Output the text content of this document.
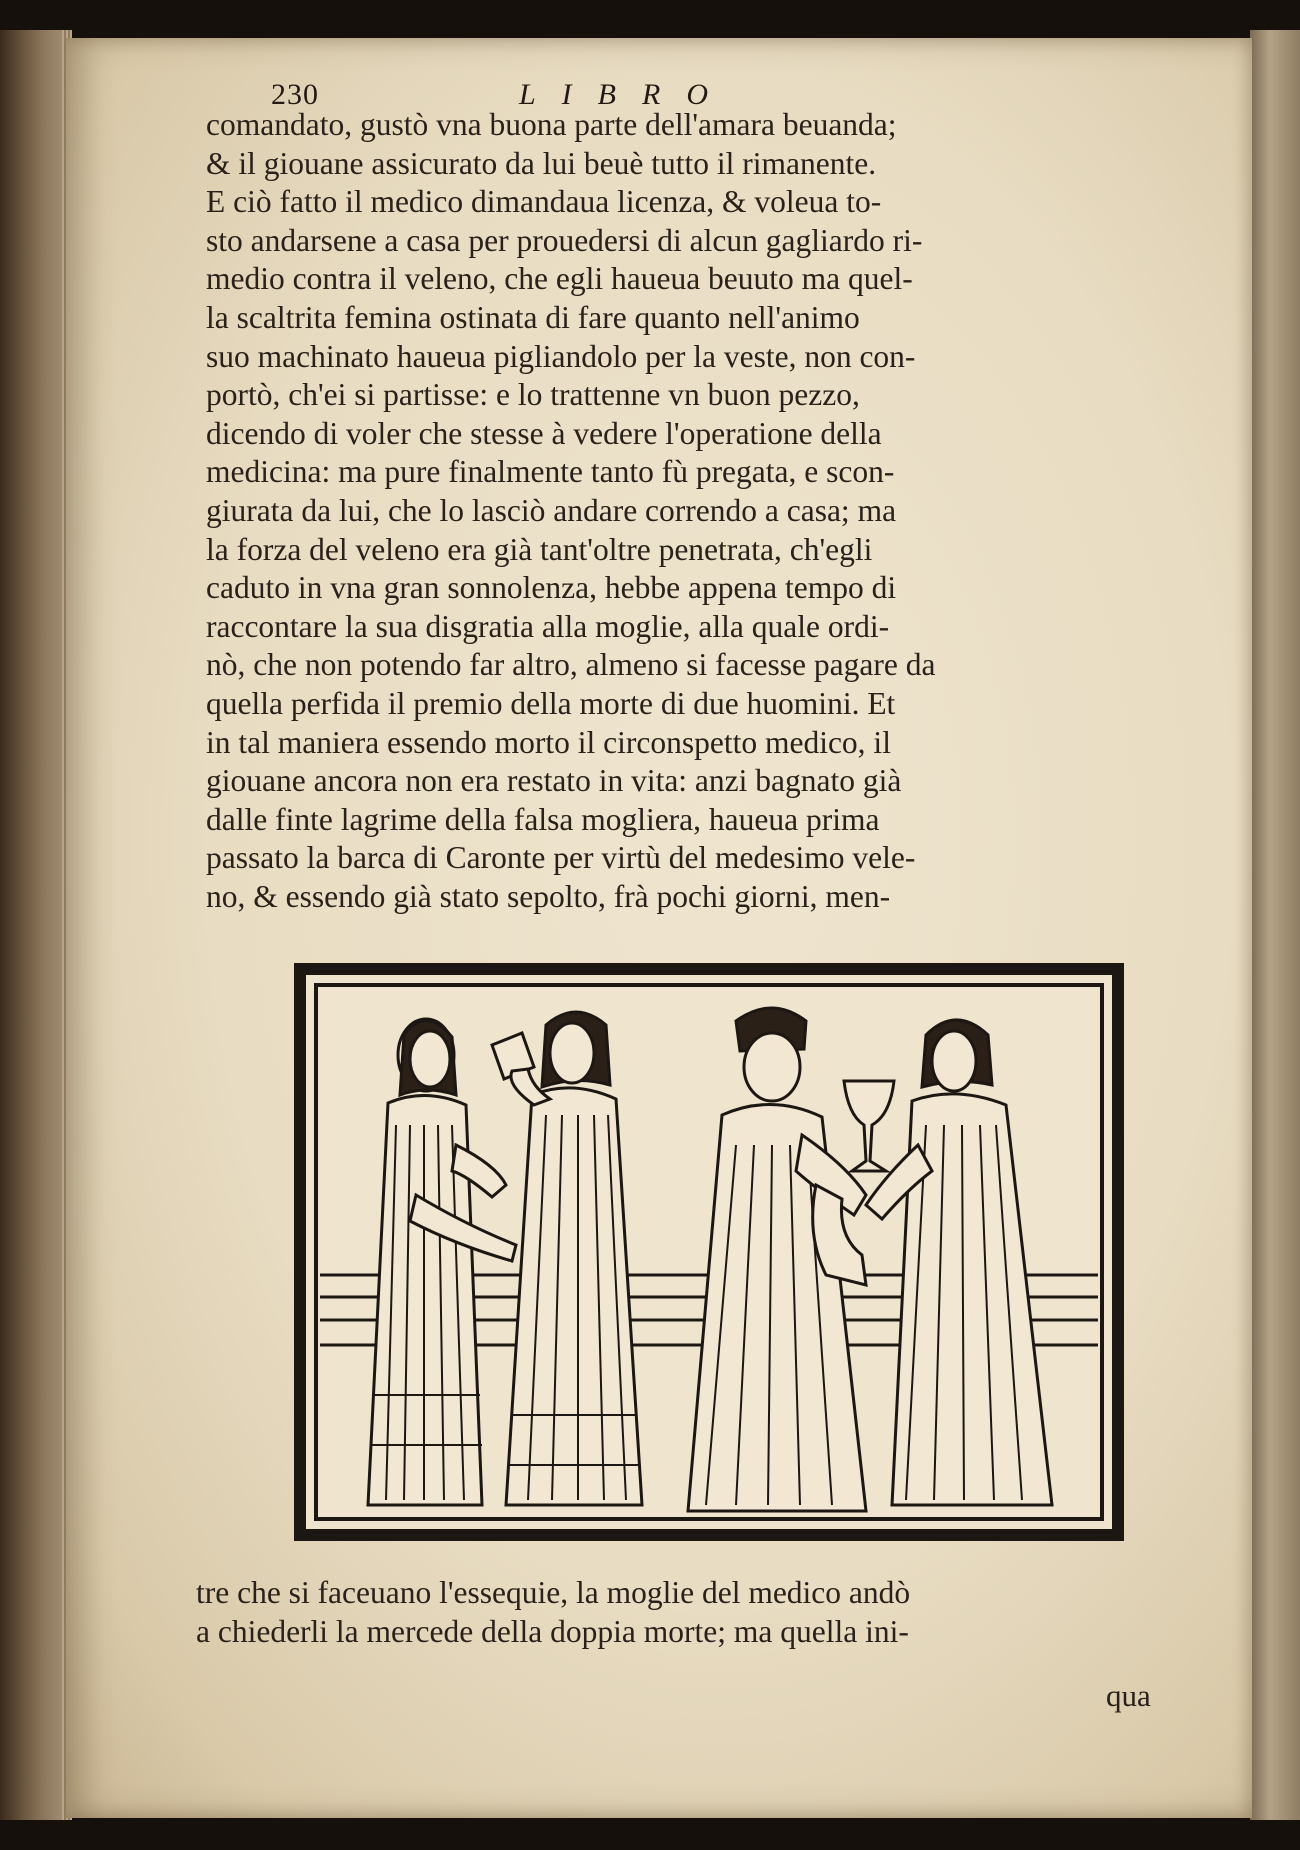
230	LIBRO
comandato, gustò vna buona parte dell'amara beuanda;
& il giouane assicurato da lui beuè tutto il rimanente.
E ciò fatto il medico dimandaua licenza, & voleua to-
sto andarsene a casa per prouedersi di alcun gagliardo ri-
medio contra il veleno, che egli haueua beuuto ma quel-
la scaltrita femina ostinata di fare quanto nell'animo
suo machinato haueua pigliandolo per la veste, non con-
portò, ch'ei si partisse: e lo trattenne vn buon pezzo,
dicendo di voler che stesse à vedere l'operatione della
medicina: ma pure finalmente tanto fù pregata, e scon-
giurata da lui, che lo lasciò andare correndo a casa; ma
la forza del veleno era già tant'oltre penetrata, ch'egli
caduto in vna gran sonnolenza, hebbe appena tempo di
raccontare la sua disgratia alla moglie, alla quale ordi-
nò, che non potendo far altro, almeno si facesse pagare da
quella perfida il premio della morte di due huomini. Et
in tal maniera essendo morto il circonspetto medico, il
giouane ancora non era restato in vita: anzi bagnato già
dalle finte lagrime della falsa mogliera, haueua prima
passato la barca di Caronte per virtù del medesimo vele-
no, & essendo già stato sepolto, frà pochi giorni, men-
tre che si faceuano l'essequie, la moglie del medico andò
a chiederli la mercede della doppia morte; ma quella ini-
qua
